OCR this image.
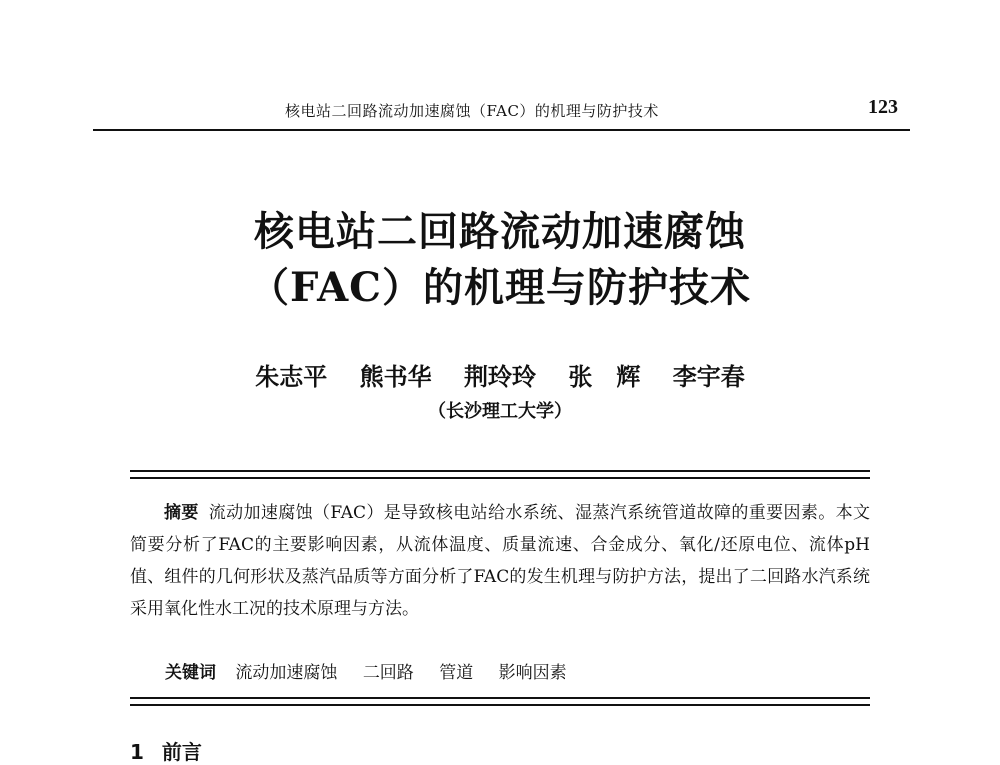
核电站二回路流动加速腐蚀（FAC）的机理与防护技术	123
核电站二回路流动加速腐蚀
（FAC）的机理与防护技术
朱志平 熊书华 荆玲玲 张　辉 李宇春
（长沙理工大学）
摘要 流动加速腐蚀（FAC）是导致核电站给水系统、湿蒸汽系统管道故障的重要因素。本文简要分析了FAC的主要影响因素，从流体温度、质量流速、合金成分、氧化/还原电位、流体pH值、组件的几何形状及蒸汽品质等方面分析了FAC的发生机理与防护方法，提出了二回路水汽系统采用氧化性水工况的技术原理与方法。
关键词 流动加速腐蚀 二回路 管道 影响因素
1 前言
